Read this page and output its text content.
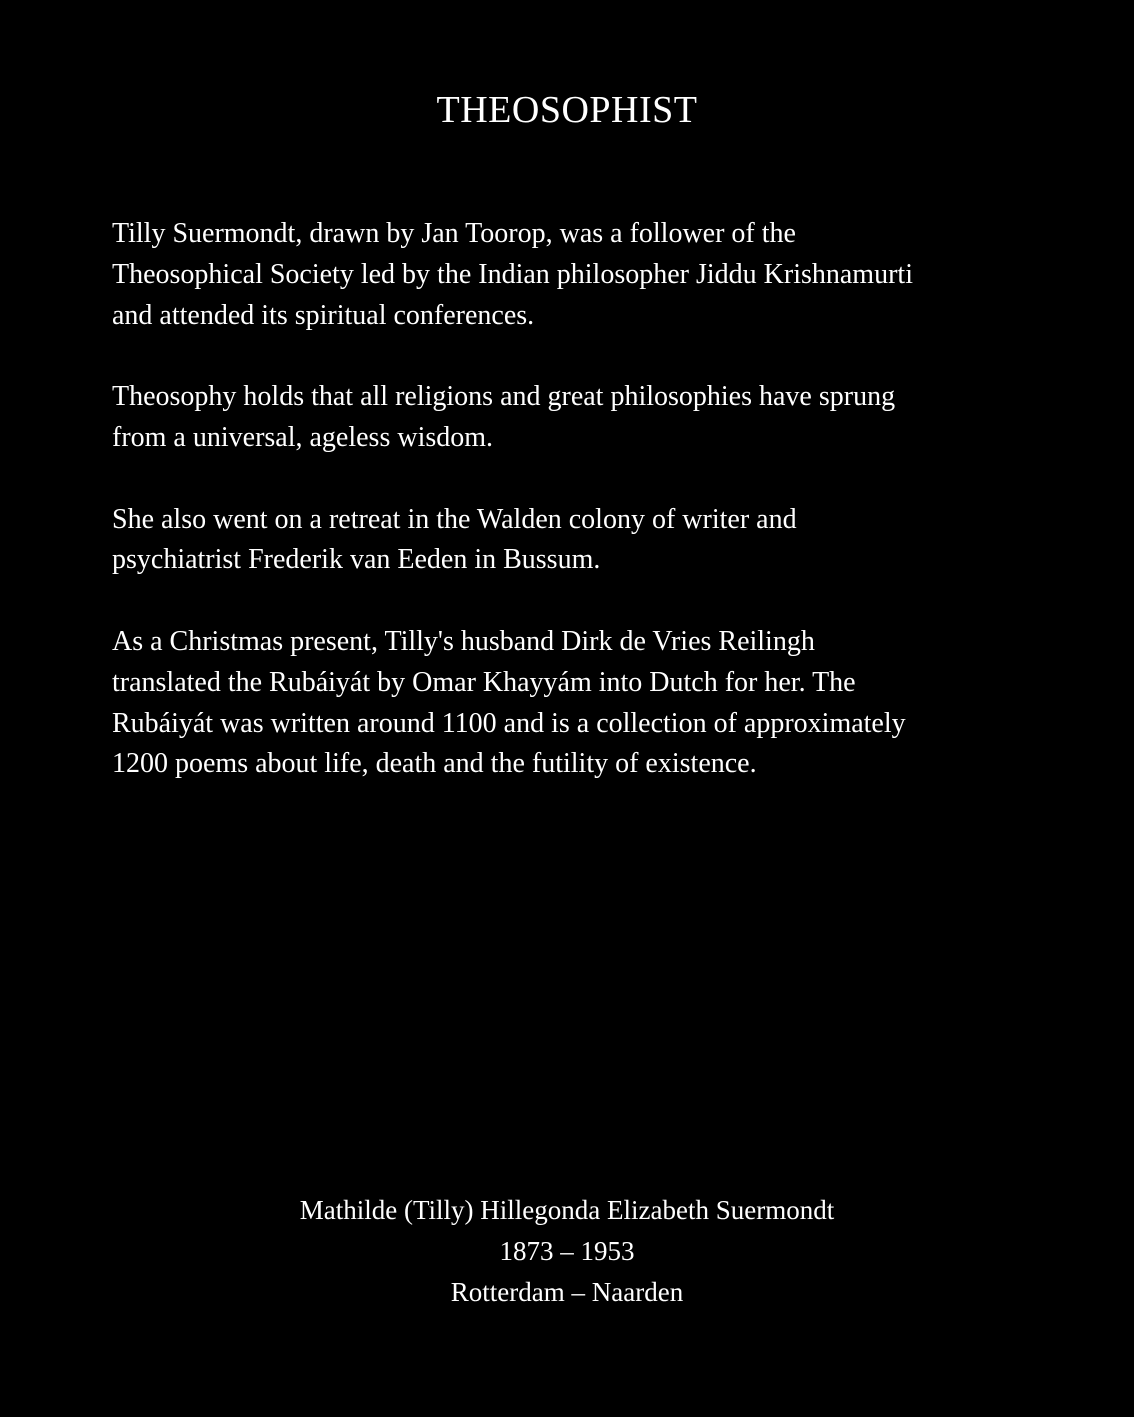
THEOSOPHIST

Tilly Suermondt, drawn by Jan Toorop, was a follower of the
Theosophical Society led by the Indian philosopher Jiddu Krishnamurti
and attended its spiritual conferences.

Theosophy holds that all religions and great philosophies have sprung
from a universal, ageless wisdom.

She also went on a retreat in the Walden colony of writer and
psychiatrist Frederik van Eeden in Bussum.

As a Christmas present, Tilly's husband Dirk de Vries Reilingh
translated the Rubáiyát by Omar Khayyám into Dutch for her. The
Rubáiyát was written around 1100 and is a collection of approximately
1200 poems about life, death and the futility of existence.

Mathilde (Tilly) Hillegonda Elizabeth Suermondt
1873 – 1953
Rotterdam – Naarden
